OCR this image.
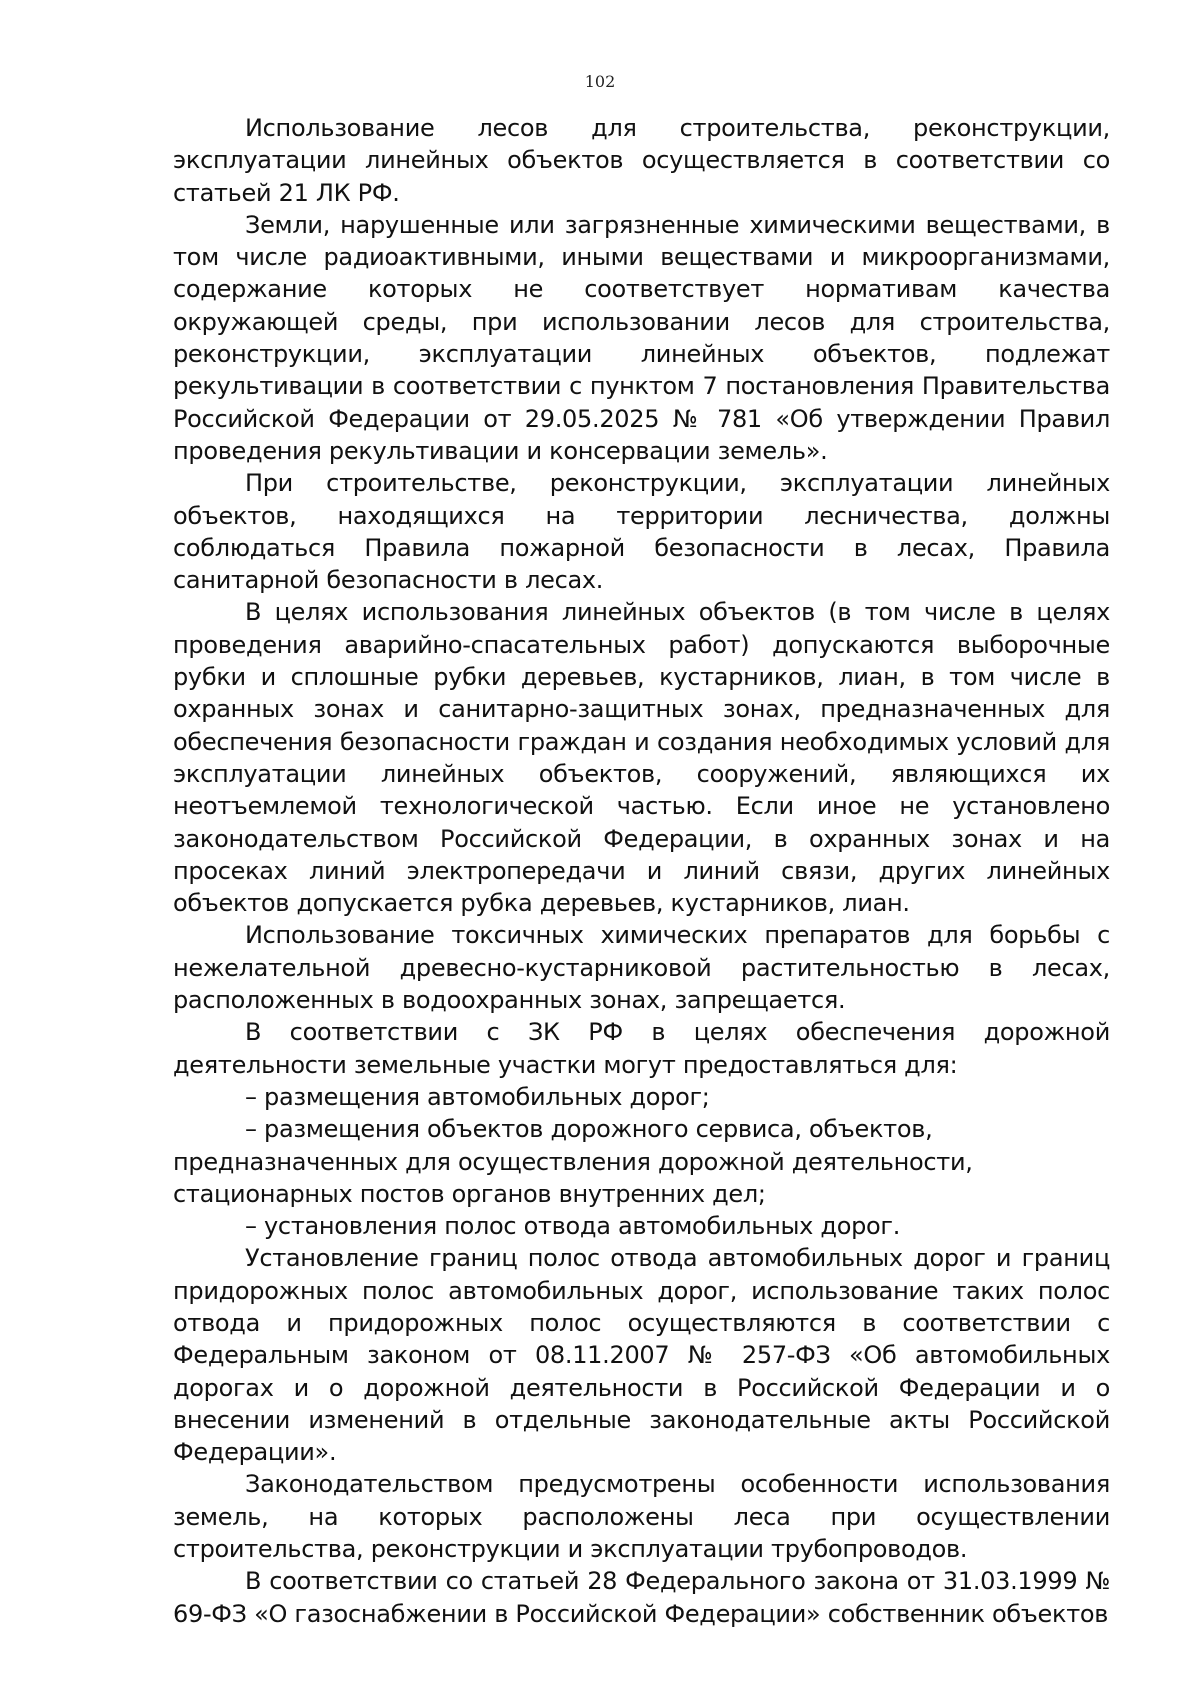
102

Использование лесов для строительства, реконструкции, эксплуатации линейных объектов осуществляется в соответствии со статьей 21 ЛК РФ.

Земли, нарушенные или загрязненные химическими веществами, в том числе радиоактивными, иными веществами и микроорганизмами, содержание которых не соответствует нормативам качества окружающей среды, при использовании лесов для строительства, реконструкции, эксплуатации линейных объектов, подлежат рекультивации в соответствии с пунктом 7 постановления Правительства Российской Федерации от 29.05.2025 № 781 «Об утверждении Правил проведения рекультивации и консервации земель».

При строительстве, реконструкции, эксплуатации линейных объектов, находящихся на территории лесничества, должны соблюдаться Правила пожарной безопасности в лесах, Правила санитарной безопасности в лесах.

В целях использования линейных объектов (в том числе в целях проведения аварийно-спасательных работ) допускаются выборочные рубки и сплошные рубки деревьев, кустарников, лиан, в том числе в охранных зонах и санитарно-защитных зонах, предназначенных для обеспечения безопасности граждан и создания необходимых условий для эксплуатации линейных объектов, сооружений, являющихся их неотъемлемой технологической частью. Если иное не установлено законодательством Российской Федерации, в охранных зонах и на просеках линий электропередачи и линий связи, других линейных объектов допускается рубка деревьев, кустарников, лиан.

Использование токсичных химических препаратов для борьбы с нежелательной древесно-кустарниковой растительностью в лесах, расположенных в водоохранных зонах, запрещается.

В соответствии с ЗК РФ в целях обеспечения дорожной деятельности земельные участки могут предоставляться для:

– размещения автомобильных дорог;

– размещения объектов дорожного сервиса, объектов, предназначенных для осуществления дорожной деятельности, стационарных постов органов внутренних дел;

– установления полос отвода автомобильных дорог.

Установление границ полос отвода автомобильных дорог и границ придорожных полос автомобильных дорог, использование таких полос отвода и придорожных полос осуществляются в соответствии с Федеральным законом от 08.11.2007 № 257-ФЗ «Об автомобильных дорогах и о дорожной деятельности в Российской Федерации и о внесении изменений в отдельные законодательные акты Российской Федерации».

Законодательством предусмотрены особенности использования земель, на которых расположены леса при осуществлении строительства, реконструкции и эксплуатации трубопроводов.

В соответствии со статьей 28 Федерального закона от 31.03.1999 № 69-ФЗ «О газоснабжении в Российской Федерации» собственник объектов
